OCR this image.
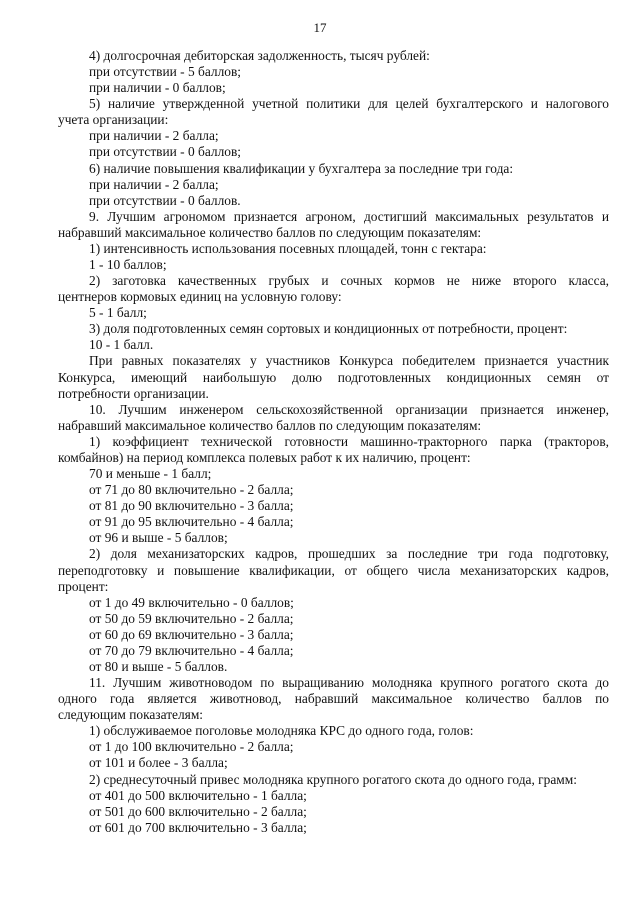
17
4) долгосрочная дебиторская задолженность, тысяч рублей:
при отсутствии - 5 баллов;
при наличии - 0 баллов;
5) наличие утвержденной учетной политики для целей бухгалтерского и налогового
учета организации:
при наличии - 2 балла;
при отсутствии - 0 баллов;
6) наличие повышения квалификации у бухгалтера за последние три года:
при наличии - 2 балла;
при отсутствии - 0 баллов.
9. Лучшим агрономом признается агроном, достигший максимальных результатов и
набравший максимальное количество баллов по следующим показателям:
1) интенсивность использования посевных площадей, тонн с гектара:
1 - 10 баллов;
2) заготовка качественных грубых и сочных кормов не ниже второго класса,
центнеров кормовых единиц на условную голову:
5 - 1 балл;
3) доля подготовленных семян сортовых и кондиционных от потребности, процент:
10 - 1 балл.
При равных показателях у участников Конкурса победителем признается участник
Конкурса, имеющий наибольшую долю подготовленных кондиционных семян от
потребности организации.
10. Лучшим инженером сельскохозяйственной организации признается инженер,
набравший максимальное количество баллов по следующим показателям:
1) коэффициент технической готовности машинно-тракторного парка (тракторов,
комбайнов) на период комплекса полевых работ к их наличию, процент:
70 и меньше - 1 балл;
от 71 до 80 включительно - 2 балла;
от 81 до 90 включительно - 3 балла;
от 91 до 95 включительно - 4 балла;
от 96 и выше - 5 баллов;
2) доля механизаторских кадров, прошедших за последние три года подготовку,
переподготовку и повышение квалификации, от общего числа механизаторских кадров,
процент:
от 1 до 49 включительно - 0 баллов;
от 50 до 59 включительно - 2 балла;
от 60 до 69 включительно - 3 балла;
от 70 до 79 включительно - 4 балла;
от 80 и выше - 5 баллов.
11. Лучшим животноводом по выращиванию молодняка крупного рогатого скота до
одного года является животновод, набравший максимальное количество баллов по
следующим показателям:
1) обслуживаемое поголовье молодняка КРС до одного года, голов:
от 1 до 100 включительно - 2 балла;
от 101 и более - 3 балла;
2) среднесуточный привес молодняка крупного рогатого скота до одного года, грамм:
от 401 до 500 включительно - 1 балла;
от 501 до 600 включительно - 2 балла;
от 601 до 700 включительно - 3 балла;
